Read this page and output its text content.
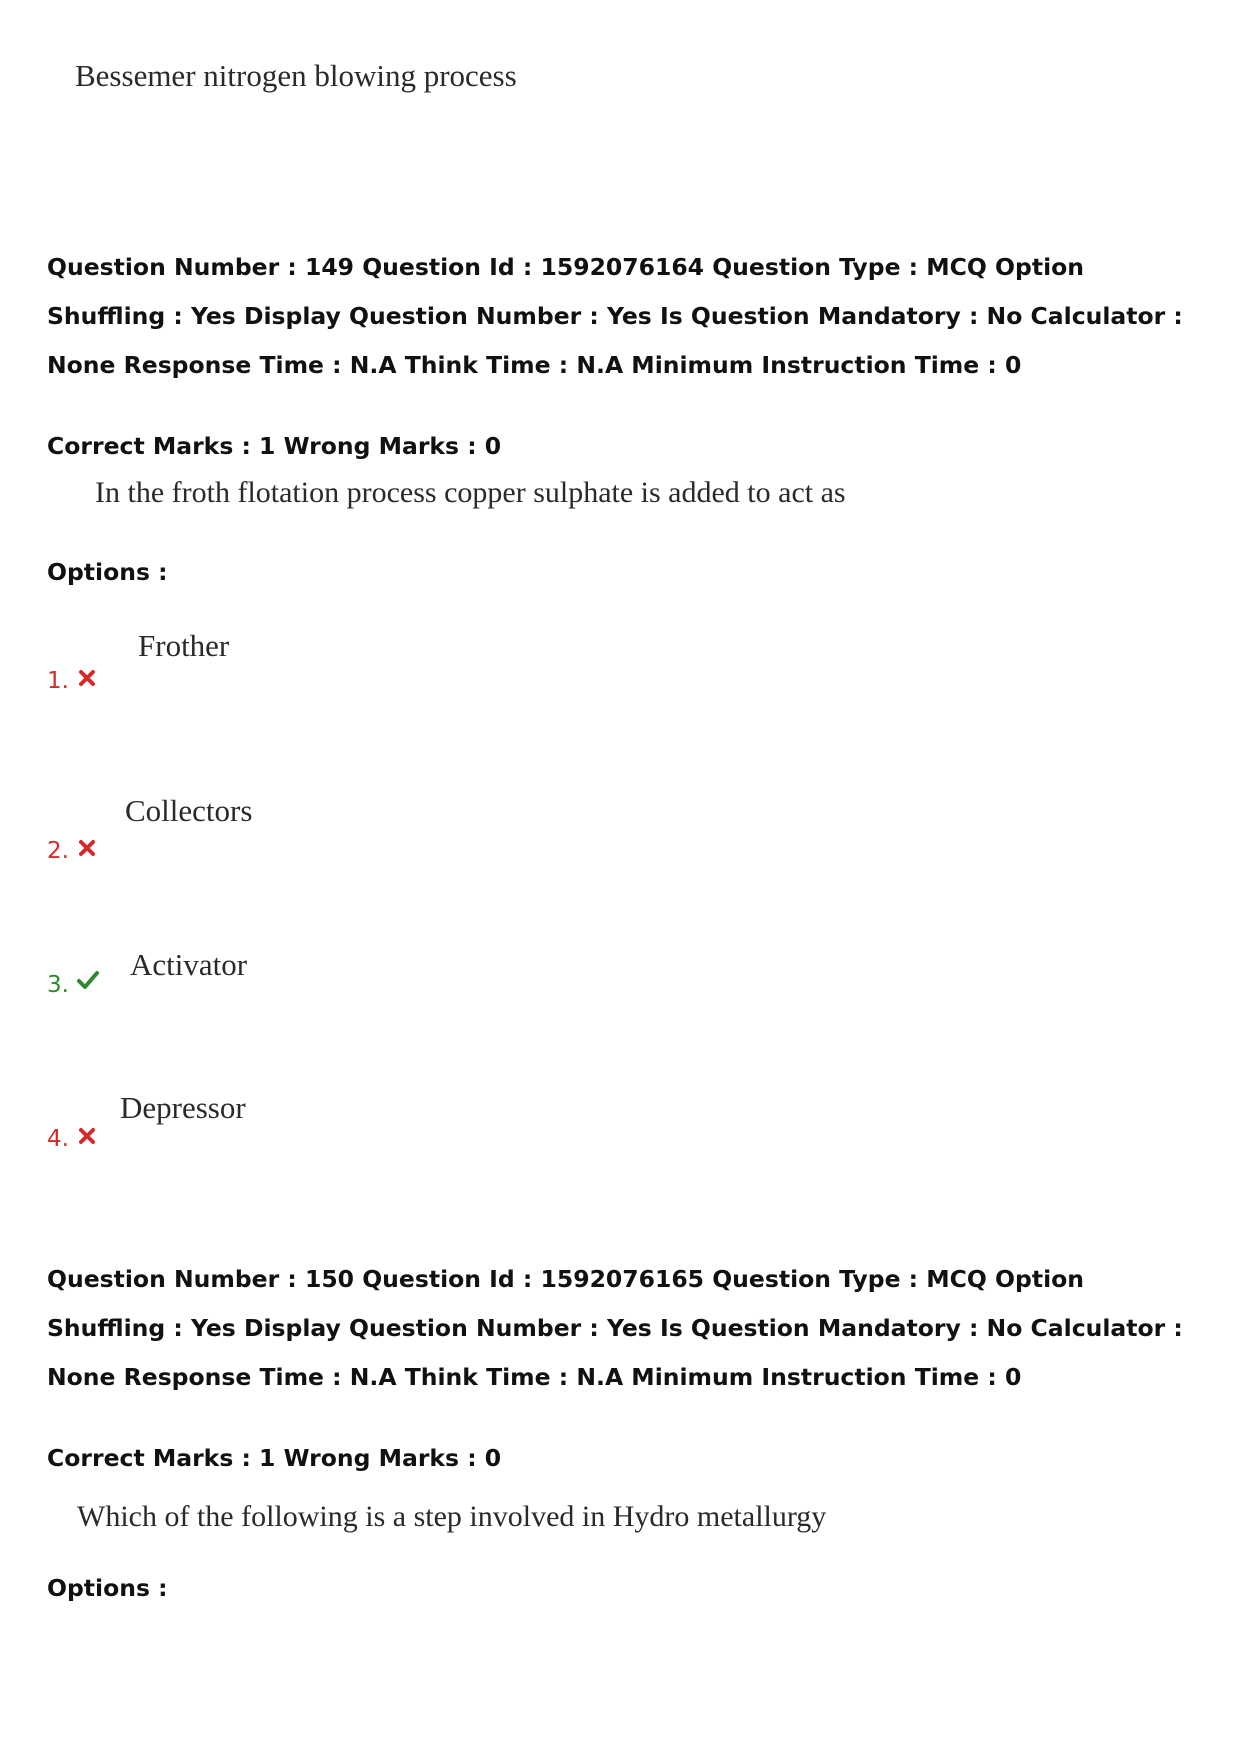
Bessemer nitrogen blowing process
Question Number : 149 Question Id : 1592076164 Question Type : MCQ Option Shuffling : Yes Display Question Number : Yes Is Question Mandatory : No Calculator : None Response Time : N.A Think Time : N.A Minimum Instruction Time : 0
Correct Marks : 1 Wrong Marks : 0
In the froth flotation process copper sulphate is added to act as
Options :
1.
Frother
2.
Collectors
3.
Activator
4.
Depressor
Question Number : 150 Question Id : 1592076165 Question Type : MCQ Option Shuffling : Yes Display Question Number : Yes Is Question Mandatory : No Calculator : None Response Time : N.A Think Time : N.A Minimum Instruction Time : 0
Correct Marks : 1 Wrong Marks : 0
Which of the following is a step involved in Hydro metallurgy
Options :
